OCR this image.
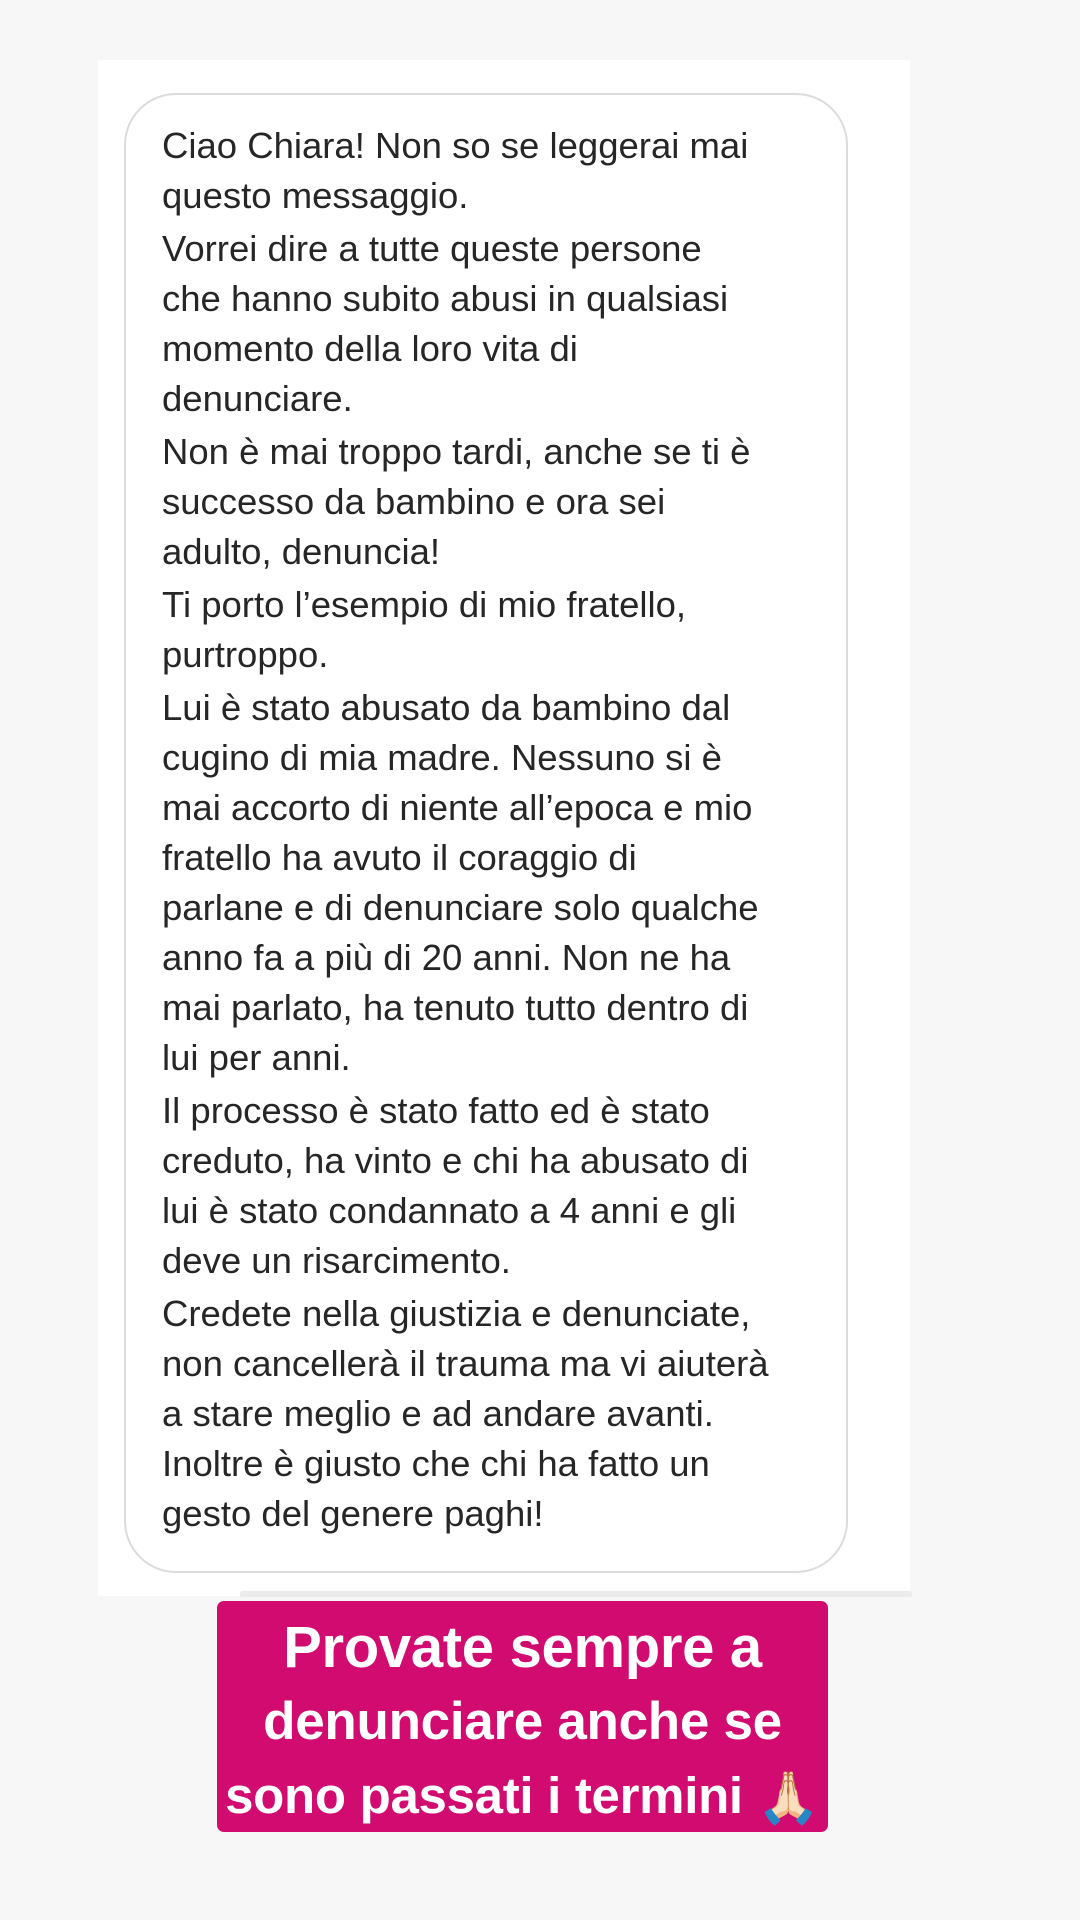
Ciao Chiara! Non so se leggerai mai
questo messaggio.

Vorrei dire a tutte queste persone
che hanno subito abusi in qualsiasi
momento della loro vita di
denunciare.

Non è mai troppo tardi, anche se ti è
successo da bambino e ora sei
adulto, denuncia!

Ti porto l’esempio di mio fratello,
purtroppo.

Lui è stato abusato da bambino dal
cugino di mia madre. Nessuno si è
mai accorto di niente all’epoca e mio
fratello ha avuto il coraggio di
parlane e di denunciare solo qualche
anno fa a più di 20 anni. Non ne ha
mai parlato, ha tenuto tutto dentro di
lui per anni.

Il processo è stato fatto ed è stato
creduto, ha vinto e chi ha abusato di
lui è stato condannato a 4 anni e gli
deve un risarcimento.

Credete nella giustizia e denunciate,
non cancellerà il trauma ma vi aiuterà
a stare meglio e ad andare avanti.
Inoltre è giusto che chi ha fatto un
gesto del genere paghi!

Provate sempre a
denunciare anche se
sono passati i termini 🙏🏻
